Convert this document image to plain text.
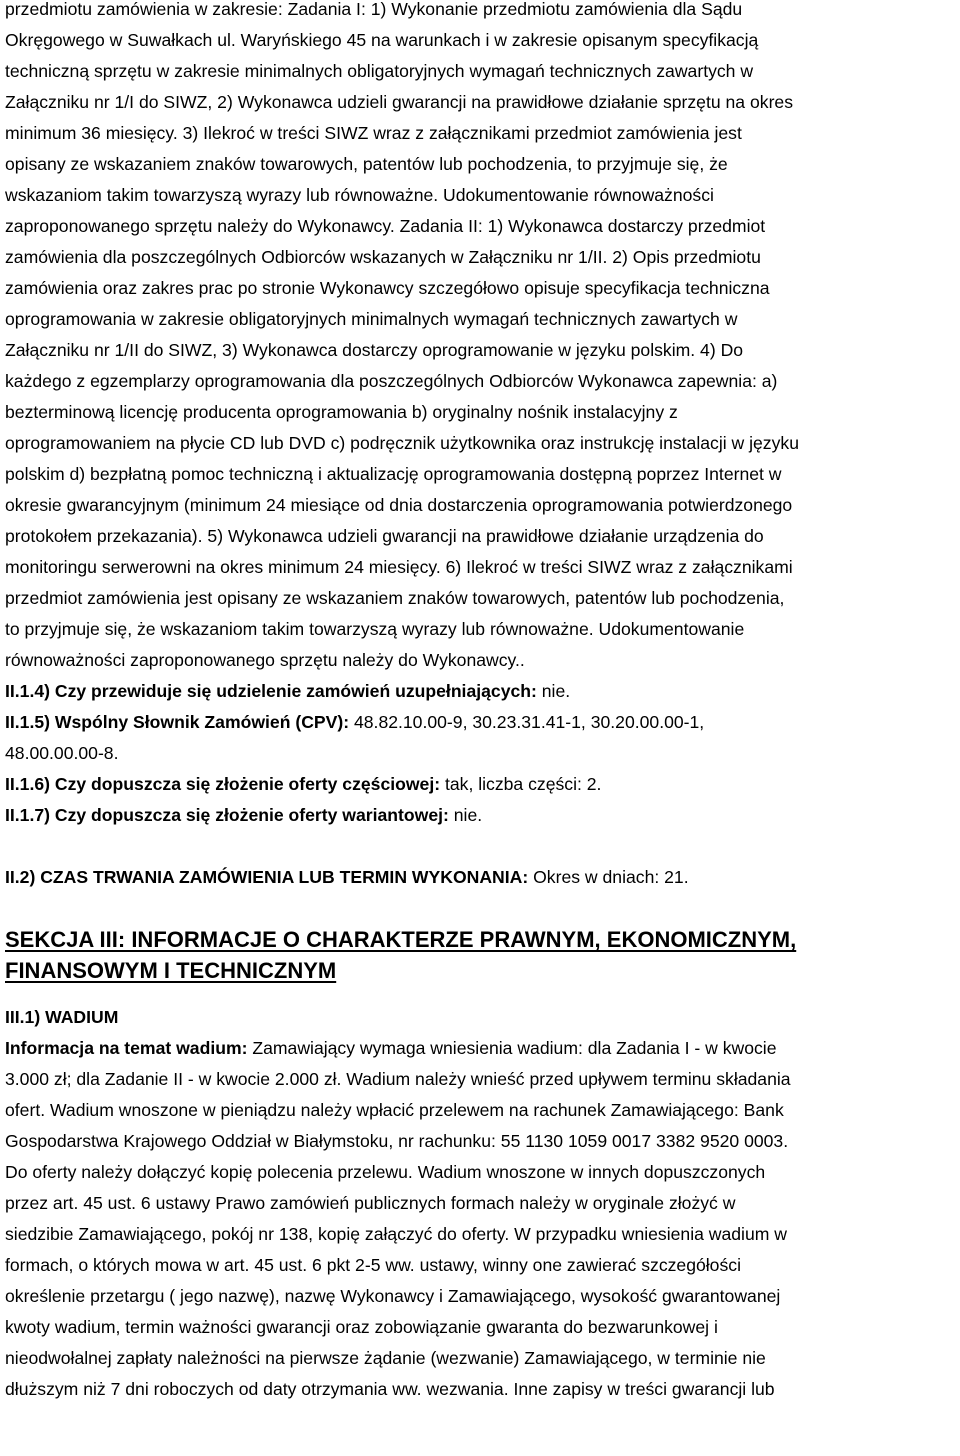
przedmiotu zamówienia w zakresie: Zadania I: 1) Wykonanie przedmiotu zamówienia dla Sądu
Okręgowego w Suwałkach ul. Waryńskiego 45 na warunkach i w zakresie opisanym specyfikacją
techniczną sprzętu w zakresie minimalnych obligatoryjnych wymagań technicznych zawartych w
Załączniku nr 1/I do SIWZ, 2) Wykonawca udzieli gwarancji na prawidłowe działanie sprzętu na okres
minimum 36 miesięcy. 3) Ilekroć w treści SIWZ wraz z załącznikami przedmiot zamówienia jest
opisany ze wskazaniem znaków towarowych, patentów lub pochodzenia, to przyjmuje się, że
wskazaniom takim towarzyszą wyrazy lub równoważne. Udokumentowanie równoważności
zaproponowanego sprzętu należy do Wykonawcy. Zadania II: 1) Wykonawca dostarczy przedmiot
zamówienia dla poszczególnych Odbiorców wskazanych w Załączniku nr 1/II. 2) Opis przedmiotu
zamówienia oraz zakres prac po stronie Wykonawcy szczegółowo opisuje specyfikacja techniczna
oprogramowania w zakresie obligatoryjnych minimalnych wymagań technicznych zawartych w
Załączniku nr 1/II do SIWZ, 3) Wykonawca dostarczy oprogramowanie w języku polskim. 4) Do
każdego z egzemplarzy oprogramowania dla poszczególnych Odbiorców Wykonawca zapewnia: a)
bezterminową licencję producenta oprogramowania b) oryginalny nośnik instalacyjny z
oprogramowaniem na płycie CD lub DVD c) podręcznik użytkownika oraz instrukcję instalacji w języku
polskim d) bezpłatną pomoc techniczną i aktualizację oprogramowania dostępną poprzez Internet w
okresie gwarancyjnym (minimum 24 miesiące od dnia dostarczenia oprogramowania potwierdzonego
protokołem przekazania). 5) Wykonawca udzieli gwarancji na prawidłowe działanie urządzenia do
monitoringu serwerowni na okres minimum 24 miesięcy. 6) Ilekroć w treści SIWZ wraz z załącznikami
przedmiot zamówienia jest opisany ze wskazaniem znaków towarowych, patentów lub pochodzenia,
to przyjmuje się, że wskazaniom takim towarzyszą wyrazy lub równoważne. Udokumentowanie
równoważności zaproponowanego sprzętu należy do Wykonawcy..
II.1.4) Czy przewiduje się udzielenie zamówień uzupełniających: nie.
II.1.5) Wspólny Słownik Zamówień (CPV): 48.82.10.00-9, 30.23.31.41-1, 30.20.00.00-1,
48.00.00.00-8.
II.1.6) Czy dopuszcza się złożenie oferty częściowej: tak, liczba części: 2.
II.1.7) Czy dopuszcza się złożenie oferty wariantowej: nie.
II.2) CZAS TRWANIA ZAMÓWIENIA LUB TERMIN WYKONANIA: Okres w dniach: 21.
SEKCJA III: INFORMACJE O CHARAKTERZE PRAWNYM, EKONOMICZNYM,
FINANSOWYM I TECHNICZNYM
III.1) WADIUM
Informacja na temat wadium: Zamawiający wymaga wniesienia wadium: dla Zadania I - w kwocie
3.000 zł; dla Zadanie II - w kwocie 2.000 zł. Wadium należy wnieść przed upływem terminu składania
ofert. Wadium wnoszone w pieniądzu należy wpłacić przelewem na rachunek Zamawiającego: Bank
Gospodarstwa Krajowego Oddział w Białymstoku, nr rachunku: 55 1130 1059 0017 3382 9520 0003.
Do oferty należy dołączyć kopię polecenia przelewu. Wadium wnoszone w innych dopuszczonych
przez art. 45 ust. 6 ustawy Prawo zamówień publicznych formach należy w oryginale złożyć w
siedzibie Zamawiającego, pokój nr 138, kopię załączyć do oferty. W przypadku wniesienia wadium w
formach, o których mowa w art. 45 ust. 6 pkt 2-5 ww. ustawy, winny one zawierać szczegółości
określenie przetargu ( jego nazwę), nazwę Wykonawcy i Zamawiającego, wysokość gwarantowanej
kwoty wadium, termin ważności gwarancji oraz zobowiązanie gwaranta do bezwarunkowej i
nieodwołalnej zapłaty należności na pierwsze żądanie (wezwanie) Zamawiającego, w terminie nie
dłuższym niż 7 dni roboczych od daty otrzymania ww. wezwania. Inne zapisy w treści gwarancji lub
